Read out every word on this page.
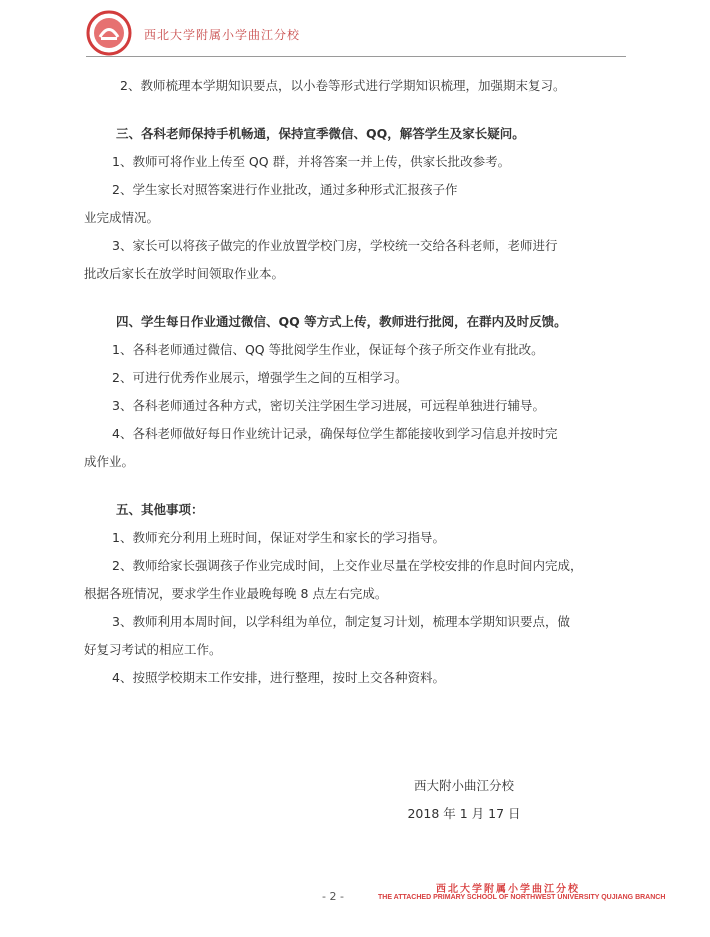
西北大学附属小学曲江分校
2、教师梳理本学期知识要点，以小卷等形式进行学期知识梳理，加强期末复习。
三、各科老师保持手机畅通，保持宣季微信、QQ，解答学生及家长疑问。
1、教师可将作业上传至 QQ 群，并将答案一并上传，供家长批改参考。
2、学生家长对照答案进行作业批改，通过多种形式汇报孩子作
业完成情况。
3、家长可以将孩子做完的作业放置学校门房，学校统一交给各科老师，老师进行
批改后家长在放学时间领取作业本。
四、学生每日作业通过微信、QQ 等方式上传，教师进行批阅，在群内及时反馈。
1、各科老师通过微信、QQ 等批阅学生作业，保证每个孩子所交作业有批改。
2、可进行优秀作业展示，增强学生之间的互相学习。
3、各科老师通过各种方式，密切关注学困生学习进展，可远程单独进行辅导。
4、各科老师做好每日作业统计记录，确保每位学生都能接收到学习信息并按时完
成作业。
五、其他事项：
1、教师充分利用上班时间，保证对学生和家长的学习指导。
2、教师给家长强调孩子作业完成时间，上交作业尽量在学校安排的作息时间内完成，
根据各班情况，要求学生作业最晚每晚 8 点左右完成。
3、教师利用本周时间，以学科组为单位，制定复习计划，梳理本学期知识要点，做
好复习考试的相应工作。
4、按照学校期末工作安排，进行整理，按时上交各种资料。
西大附小曲江分校
2018 年 1 月 17 日
- 2 -
西北大学附属小学曲江分校
THE ATTACHED PRIMARY SCHOOL OF NORTHWEST UNIVERSITY QUJIANG BRANCH
